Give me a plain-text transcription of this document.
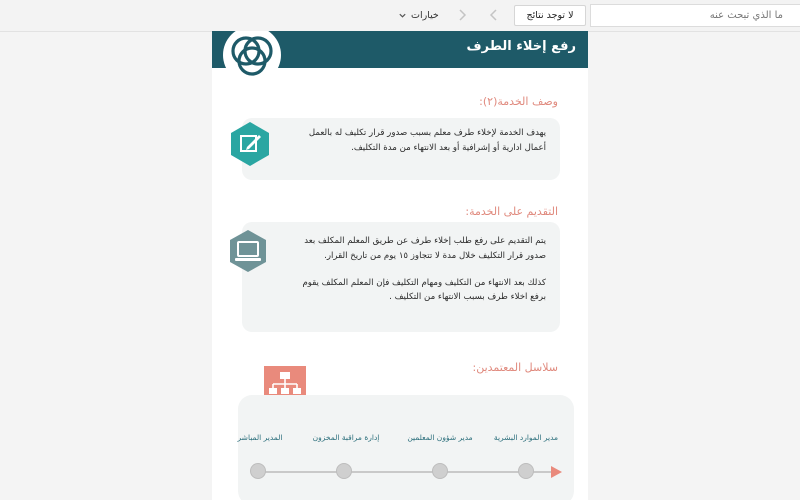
ما الذي تبحث عنه
لا توجد نتائج
خيارات
رفع إخلاء الطرف
وصف الخدمة(٢):
يهدف الخدمة لإخلاء طرف معلم بسبب صدور قرار تكليف له بالعمل
أعمال ادارية أو إشرافية أو بعد الانتهاء من مدة التكليف.
التقديم على الخدمة:
يتم التقديم على رفع طلب إخلاء طرف عن طريق المعلم المكلف بعد
صدور قرار التكليف خلال مدة لا تتجاوز ١٥ يوم من تاريخ القرار.
كذلك بعد الانتهاء من التكليف ومهام التكليف فإن المعلم المكلف يقوم
برفع اخلاء طرف بسبب الانتهاء من التكليف .
سلاسل المعتمدين:
مدير الموارد البشرية
مدير شؤون المعلمين
إدارة مراقبة المخزون
المدير المباشر
